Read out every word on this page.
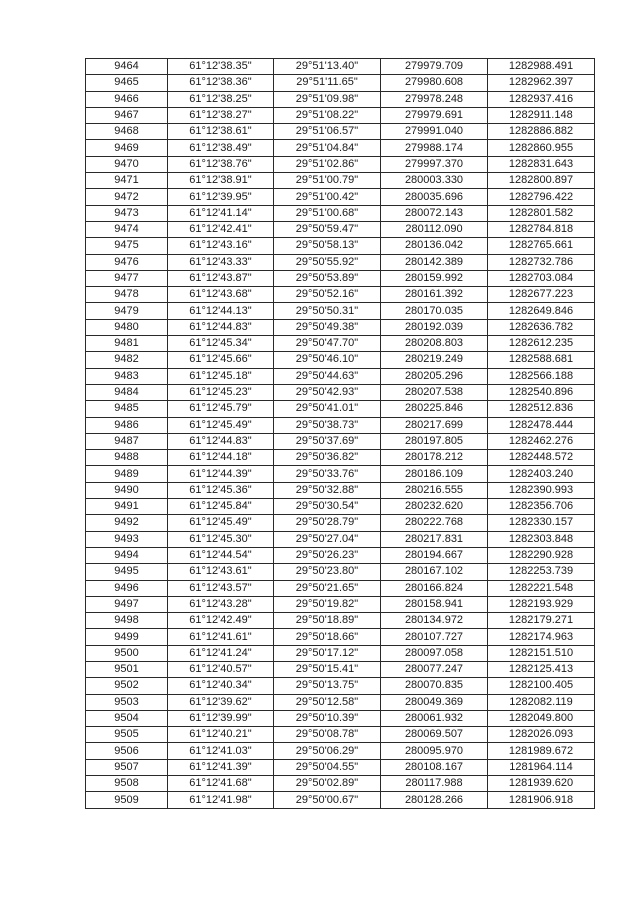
9464	61°12'38.35"	29°51'13.40"	279979.709	1282988.491
9465	61°12'38.36"	29°51'11.65"	279980.608	1282962.397
9466	61°12'38.25"	29°51'09.98"	279978.248	1282937.416
9467	61°12'38.27"	29°51'08.22"	279979.691	1282911.148
9468	61°12'38.61"	29°51'06.57"	279991.040	1282886.882
9469	61°12'38.49"	29°51'04.84"	279988.174	1282860.955
9470	61°12'38.76"	29°51'02.86"	279997.370	1282831.643
9471	61°12'38.91"	29°51'00.79"	280003.330	1282800.897
9472	61°12'39.95"	29°51'00.42"	280035.696	1282796.422
9473	61°12'41.14"	29°51'00.68"	280072.143	1282801.582
9474	61°12'42.41"	29°50'59.47"	280112.090	1282784.818
9475	61°12'43.16"	29°50'58.13"	280136.042	1282765.661
9476	61°12'43.33"	29°50'55.92"	280142.389	1282732.786
9477	61°12'43.87"	29°50'53.89"	280159.992	1282703.084
9478	61°12'43.68"	29°50'52.16"	280161.392	1282677.223
9479	61°12'44.13"	29°50'50.31"	280170.035	1282649.846
9480	61°12'44.83"	29°50'49.38"	280192.039	1282636.782
9481	61°12'45.34"	29°50'47.70"	280208.803	1282612.235
9482	61°12'45.66"	29°50'46.10"	280219.249	1282588.681
9483	61°12'45.18"	29°50'44.63"	280205.296	1282566.188
9484	61°12'45.23"	29°50'42.93"	280207.538	1282540.896
9485	61°12'45.79"	29°50'41.01"	280225.846	1282512.836
9486	61°12'45.49"	29°50'38.73"	280217.699	1282478.444
9487	61°12'44.83"	29°50'37.69"	280197.805	1282462.276
9488	61°12'44.18"	29°50'36.82"	280178.212	1282448.572
9489	61°12'44.39"	29°50'33.76"	280186.109	1282403.240
9490	61°12'45.36"	29°50'32.88"	280216.555	1282390.993
9491	61°12'45.84"	29°50'30.54"	280232.620	1282356.706
9492	61°12'45.49"	29°50'28.79"	280222.768	1282330.157
9493	61°12'45.30"	29°50'27.04"	280217.831	1282303.848
9494	61°12'44.54"	29°50'26.23"	280194.667	1282290.928
9495	61°12'43.61"	29°50'23.80"	280167.102	1282253.739
9496	61°12'43.57"	29°50'21.65"	280166.824	1282221.548
9497	61°12'43.28"	29°50'19.82"	280158.941	1282193.929
9498	61°12'42.49"	29°50'18.89"	280134.972	1282179.271
9499	61°12'41.61"	29°50'18.66"	280107.727	1282174.963
9500	61°12'41.24"	29°50'17.12"	280097.058	1282151.510
9501	61°12'40.57"	29°50'15.41"	280077.247	1282125.413
9502	61°12'40.34"	29°50'13.75"	280070.835	1282100.405
9503	61°12'39.62"	29°50'12.58"	280049.369	1282082.119
9504	61°12'39.99"	29°50'10.39"	280061.932	1282049.800
9505	61°12'40.21"	29°50'08.78"	280069.507	1282026.093
9506	61°12'41.03"	29°50'06.29"	280095.970	1281989.672
9507	61°12'41.39"	29°50'04.55"	280108.167	1281964.114
9508	61°12'41.68"	29°50'02.89"	280117.988	1281939.620
9509	61°12'41.98"	29°50'00.67"	280128.266	1281906.918
